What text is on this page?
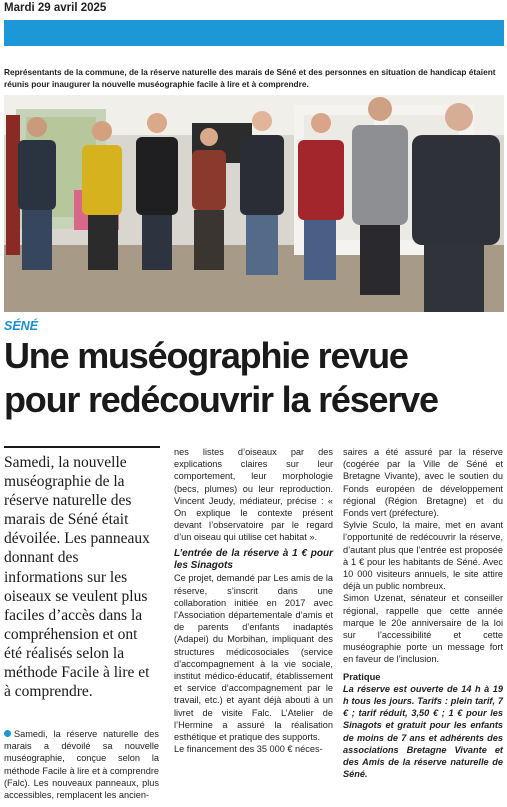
Mardi 29 avril 2025
Représentants de la commune, de la réserve naturelle des marais de Séné et des personnes en situation de handicap étaient réunis pour inaugurer la nouvelle muséographie facile à lire et à comprendre.
SÉNÉ
Une muséographie revue
pour redécouvrir la réserve

Samedi, la nouvelle muséographie de la réserve naturelle des marais de Séné était dévoilée. Les panneaux donnant des informations sur les oiseaux se veulent plus faciles d’accès dans la compréhension et ont été réalisés selon la méthode Facile à lire et à comprendre.

Samedi, la réserve naturelle des marais a dévoilé sa nouvelle muséographie, conçue selon la méthode Facile à lire et à comprendre (Falc). Les nouveaux panneaux, plus accessibles, remplacent les ancien-

nes listes d’oiseaux par des explications claires sur leur comportement, leur morphologie (becs, plumes) ou leur reproduction. Vincent Jeudy, médiateur, précise : « On explique le contexte présent devant l’observatoire par le regard d’un oiseau qui utilise cet habitat ».

L’entrée de la réserve à 1 € pour les Sinagots

Ce projet, demandé par Les amis de la réserve, s’inscrit dans une collaboration initiée en 2017 avec l’Association départementale d’amis et de parents d’enfants inadaptés (Adapei) du Morbihan, impliquant des structures médicosociales (service d’accompagnement à la vie sociale, institut médico-éducatif, établissement et service d’accompagnement par le travail, etc.) et ayant déjà abouti à un livret de visite Falc. L’Atelier de l’Hermine a assuré la réalisation esthétique et pratique des supports.

Le financement des 35 000 € néces-

saires a été assuré par la réserve (cogérée par la Ville de Séné et Bretagne Vivante), avec le soutien du Fonds européen de développement régional (Région Bretagne) et du Fonds vert (préfecture).

Sylvie Sculo, la maire, met en avant l’opportunité de redécouvrir la réserve, d’autant plus que l’entrée est proposée à 1 € pour les habitants de Séné. Avec 10 000 visiteurs annuels, le site attire déjà un public nombreux.

Simon Uzenat, sénateur et conseiller régional, rappelle que cette année marque le 20e anniversaire de la loi sur l’accessibilité et cette muséographie porte un message fort en faveur de l’inclusion.

Pratique

La réserve est ouverte de 14 h à 19 h tous les jours. Tarifs : plein tarif, 7 € ; tarif réduit, 3,50 € ; 1 € pour les Sinagots et gratuit pour les enfants de moins de 7 ans et adhérents des associations Bretagne Vivante et des Amis de la réserve naturelle de Séné.
